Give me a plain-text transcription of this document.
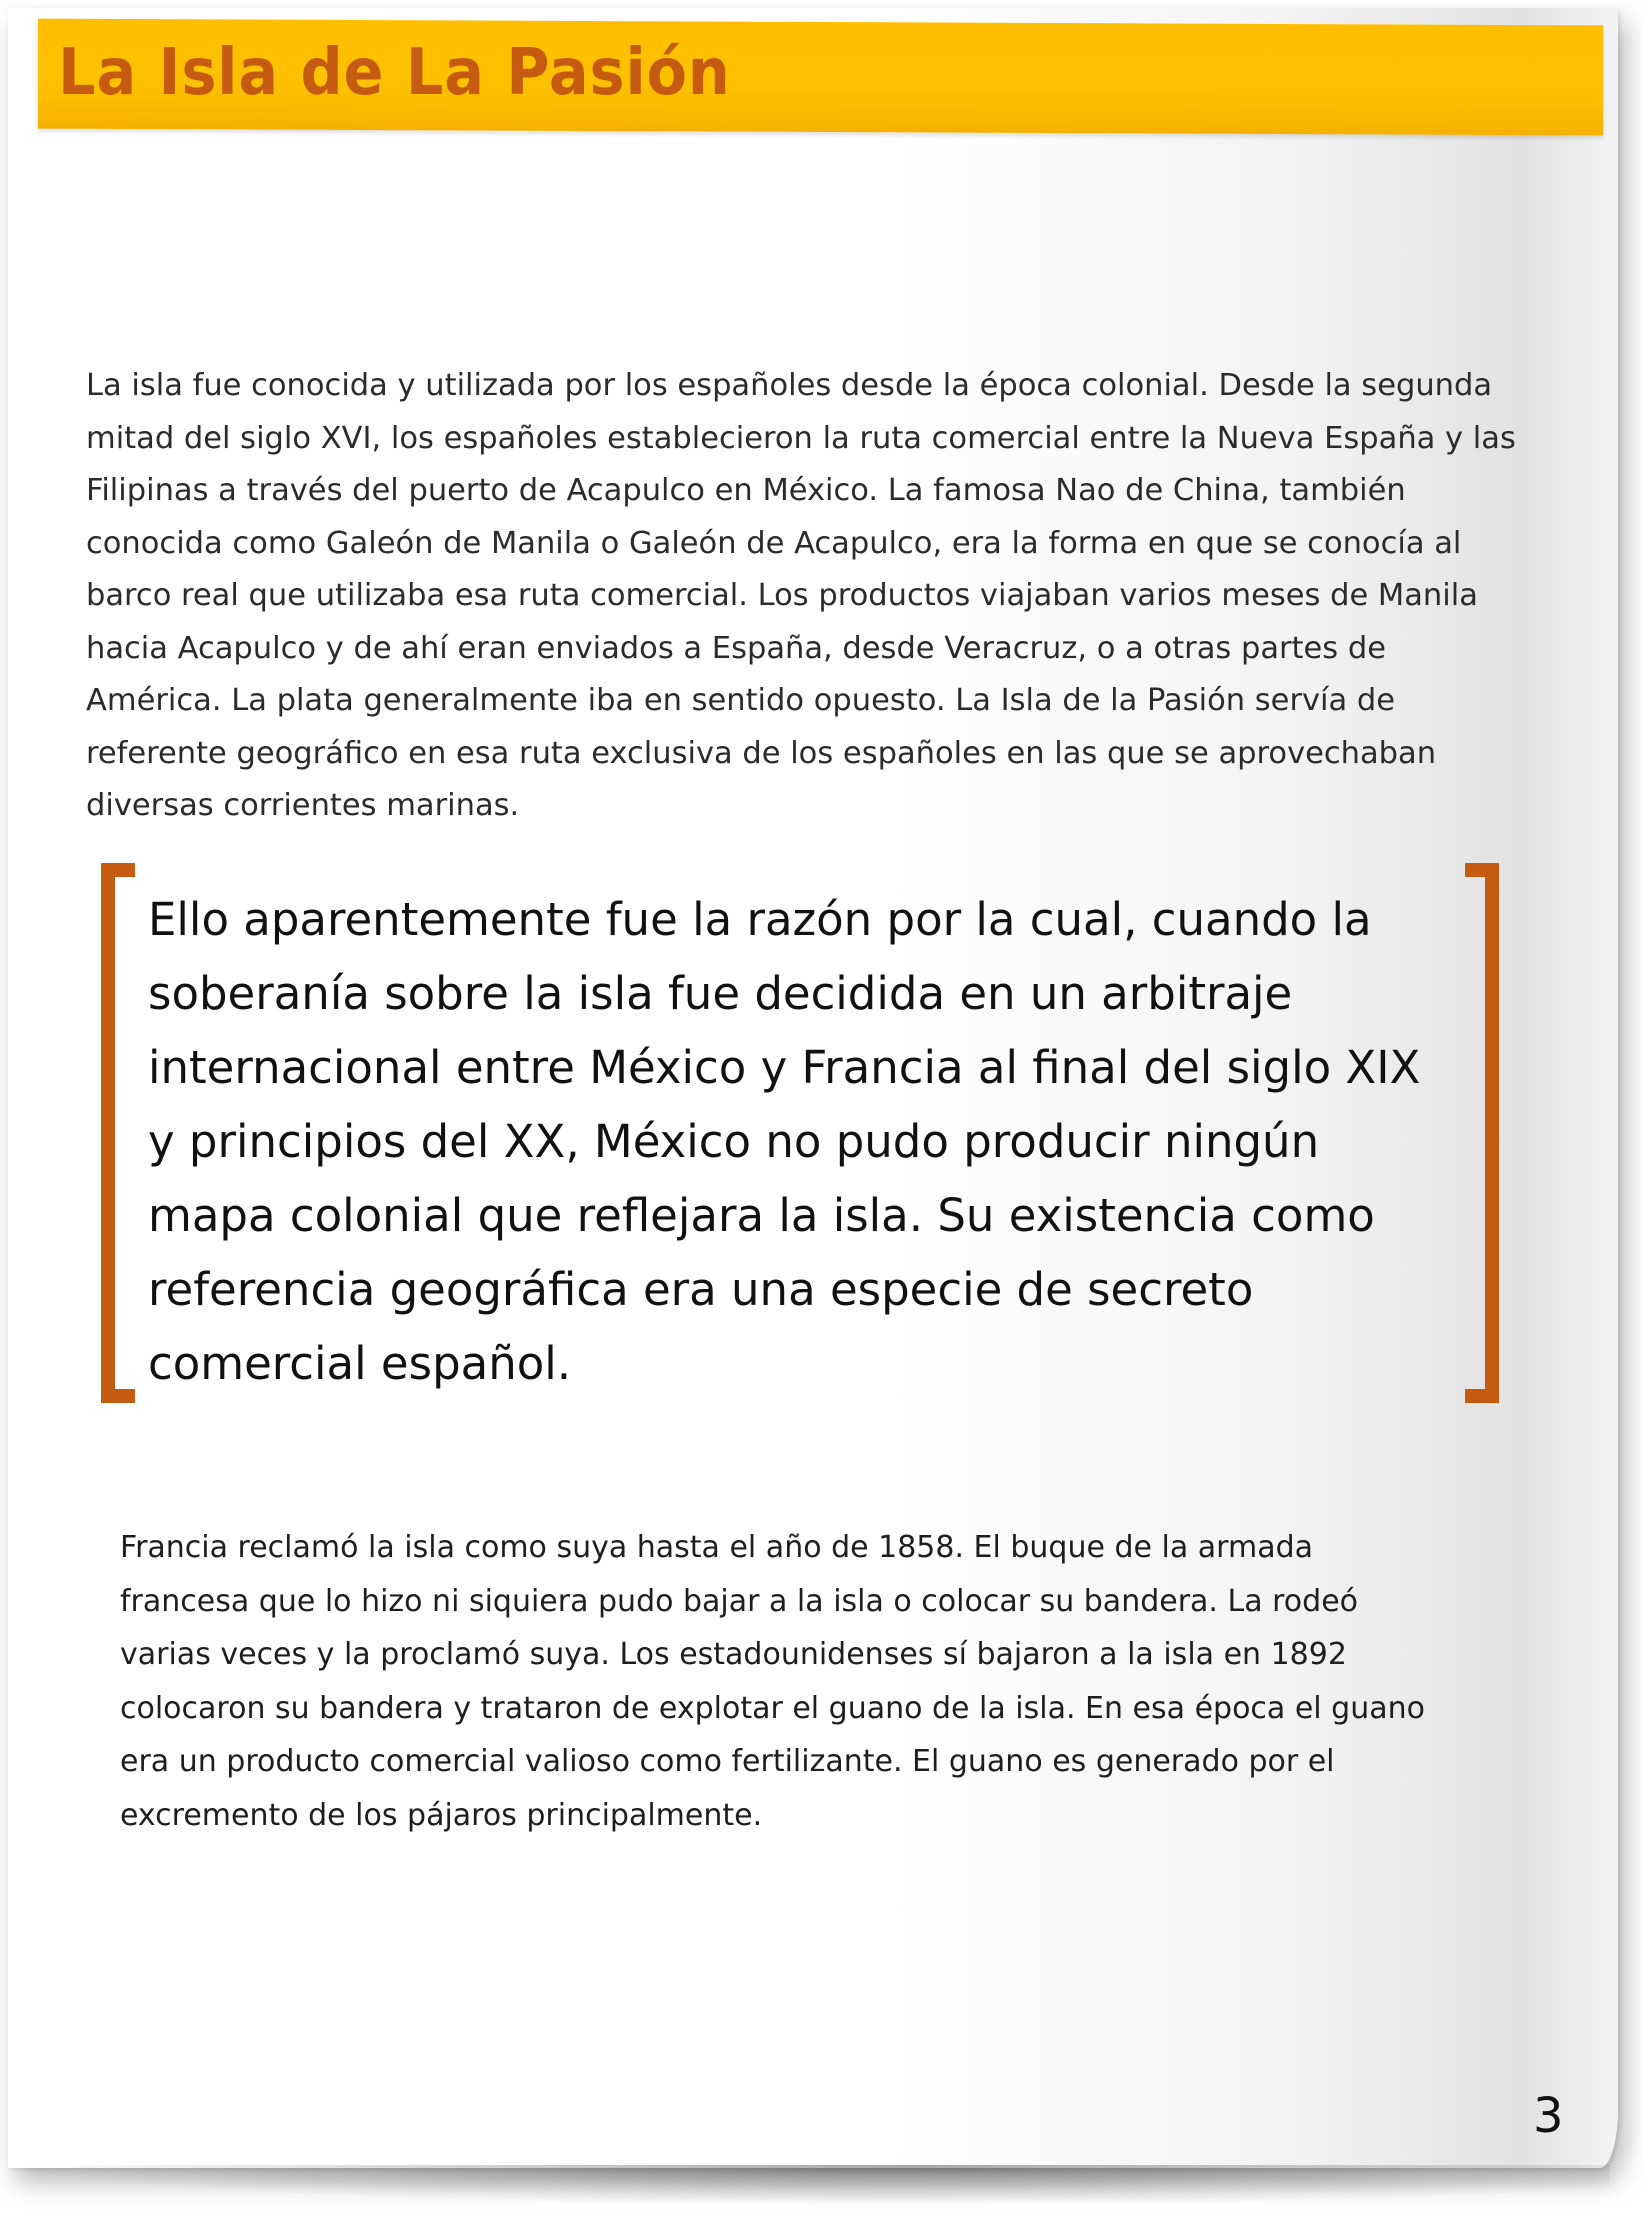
La Isla de La Pasión

La isla fue conocida y utilizada por los españoles desde la época colonial. Desde la segunda mitad del siglo XVI, los españoles establecieron la ruta comercial entre la Nueva España y las Filipinas a través del puerto de Acapulco en México. La famosa Nao de China, también conocida como Galeón de Manila o Galeón de Acapulco, era la forma en que se conocía al barco real que utilizaba esa ruta comercial. Los productos viajaban varios meses de Manila hacia Acapulco y de ahí eran enviados a España, desde Veracruz, o a otras partes de América. La plata generalmente iba en sentido opuesto. La Isla de la Pasión servía de referente geográfico en esa ruta exclusiva de los españoles en las que se aprovechaban diversas corrientes marinas.

Ello aparentemente fue la razón por la cual, cuando la soberanía sobre la isla fue decidida en un arbitraje internacional entre México y Francia al final del siglo XIX y principios del XX, México no pudo producir ningún mapa colonial que reflejara la isla. Su existencia como referencia geográfica era una especie de secreto comercial español.

Francia reclamó la isla como suya hasta el año de 1858. El buque de la armada francesa que lo hizo ni siquiera pudo bajar a la isla o colocar su bandera. La rodeó varias veces y la proclamó suya. Los estadounidenses sí bajaron a la isla en 1892 colocaron su bandera y trataron de explotar el guano de la isla. En esa época el guano era un producto comercial valioso como fertilizante. El guano es generado por el excremento de los pájaros principalmente.

3
